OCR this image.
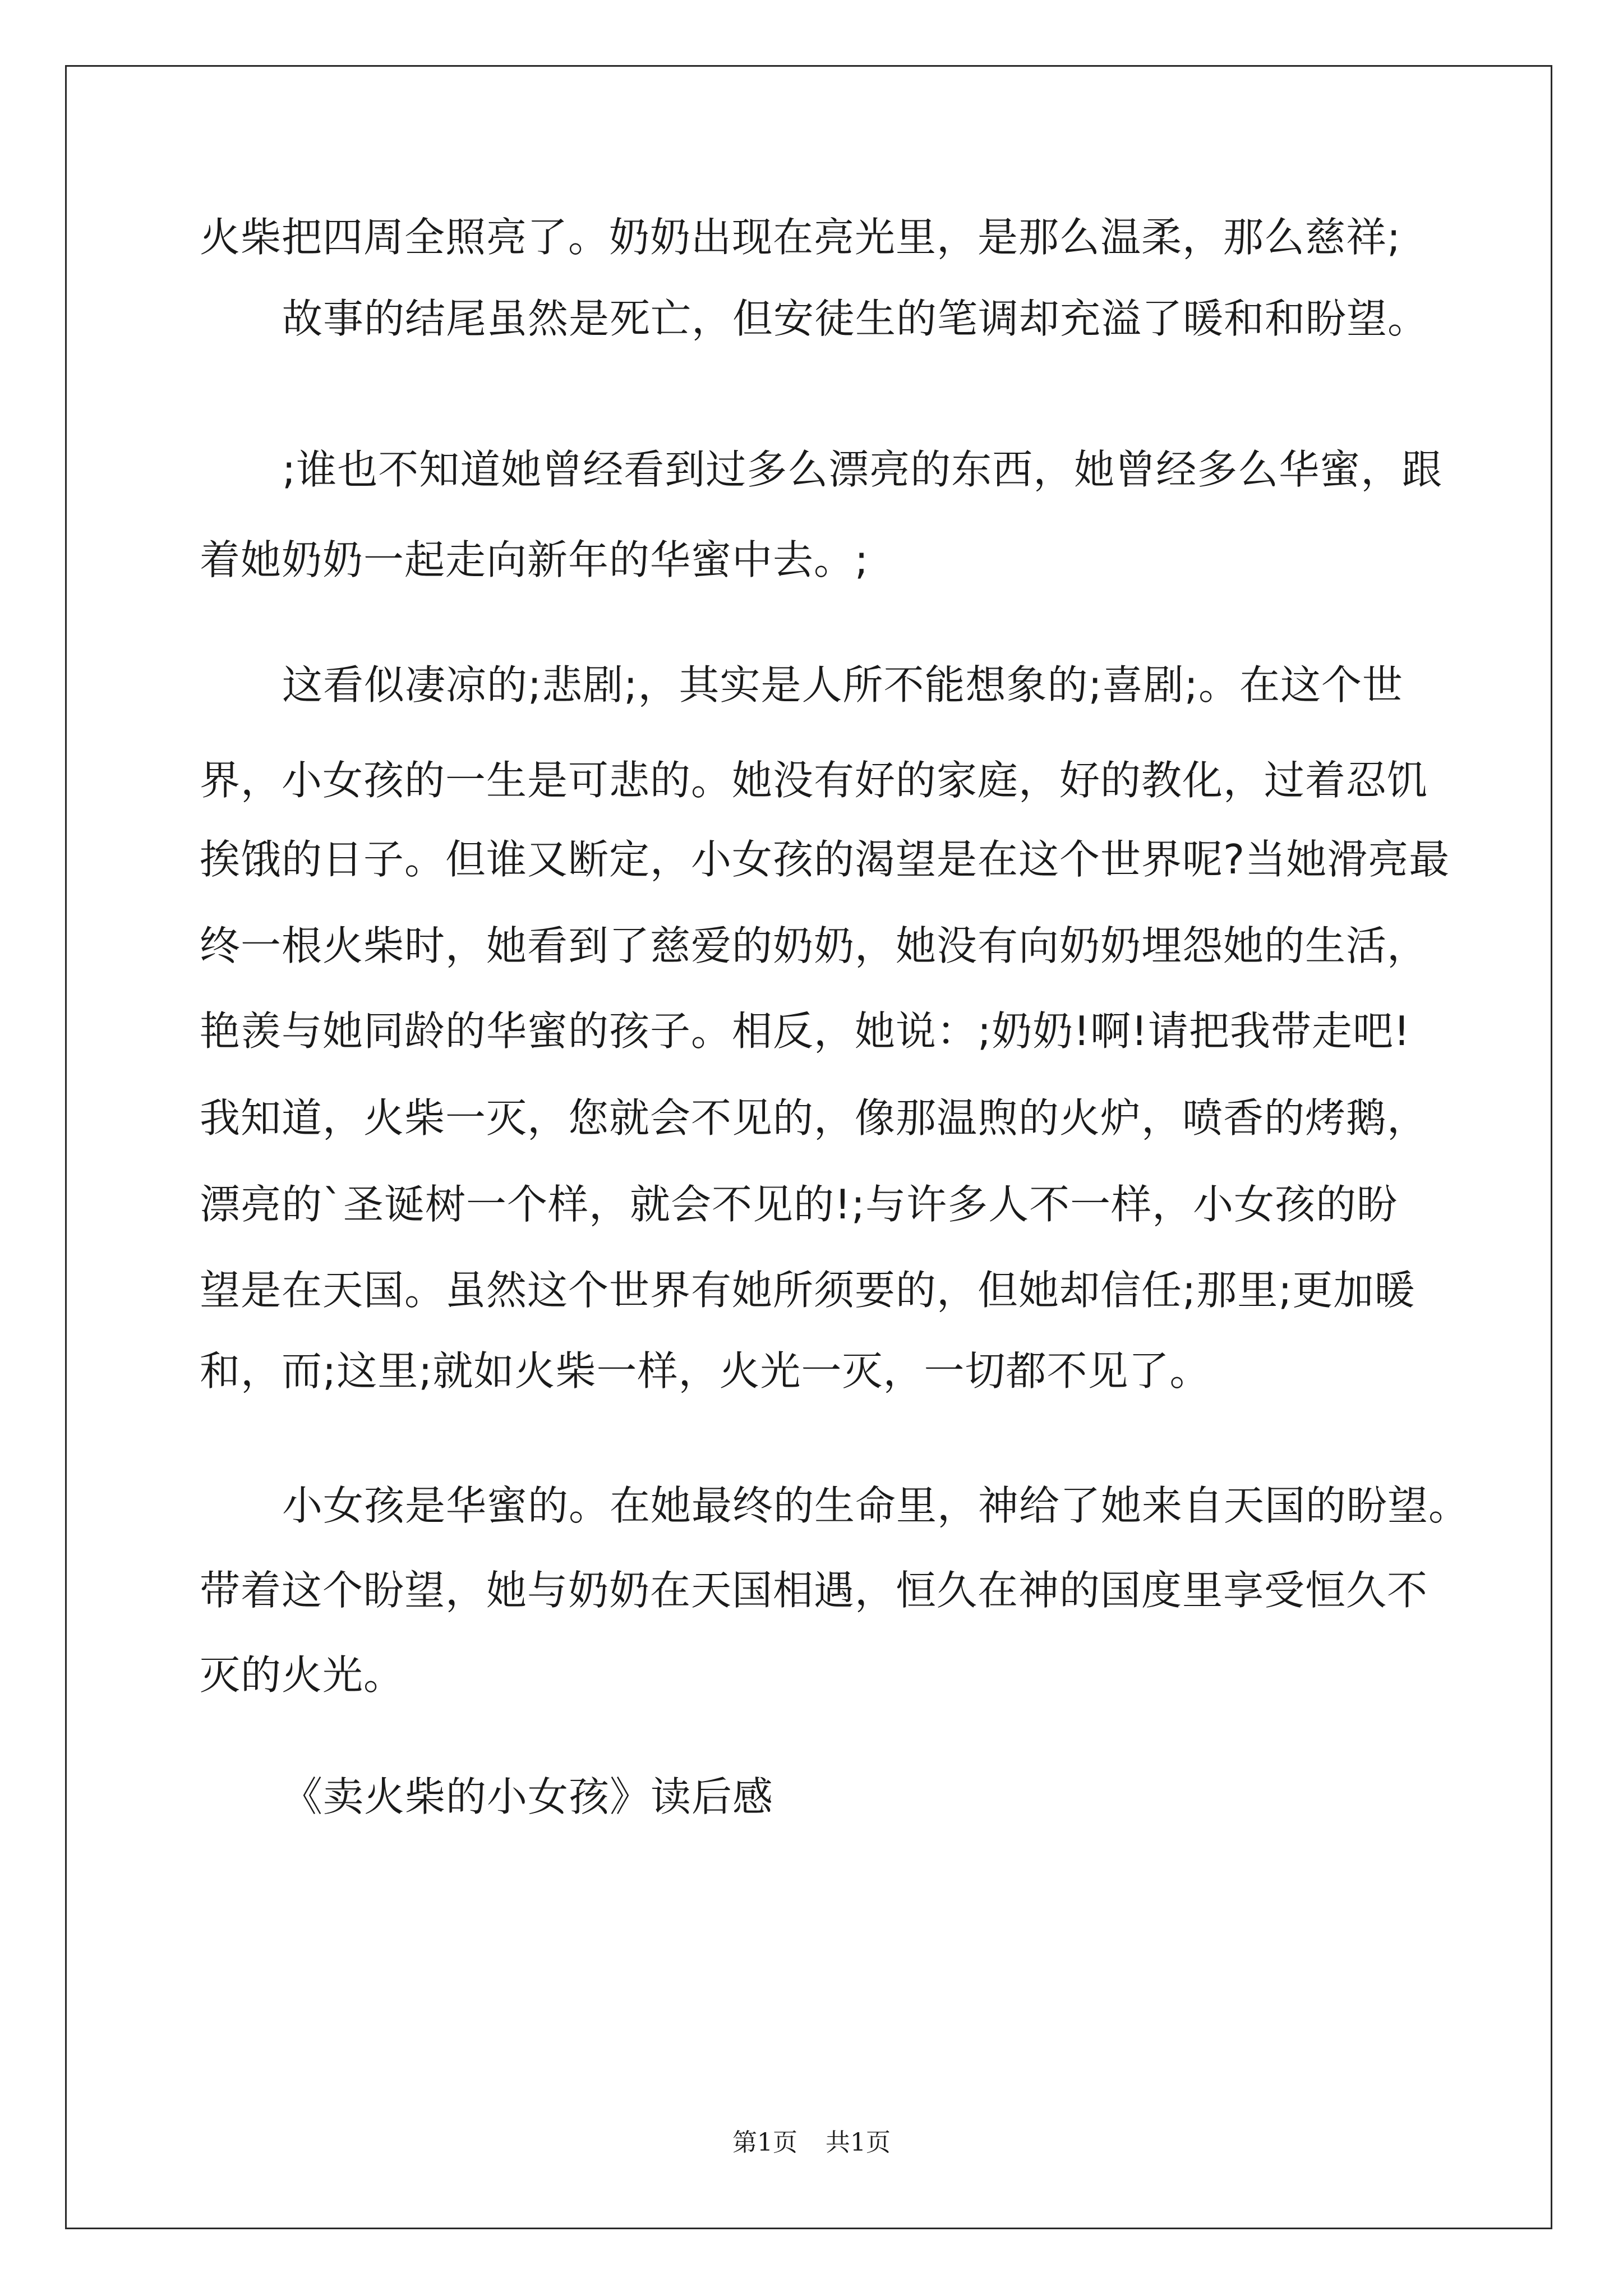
火柴把四周全照亮了。奶奶出现在亮光里，是那么温柔，那么慈祥;
故事的结尾虽然是死亡，但安徒生的笔调却充溢了暖和和盼望。
;谁也不知道她曾经看到过多么漂亮的东西，她曾经多么华蜜，跟
着她奶奶一起走向新年的华蜜中去。;
这看似凄凉的;悲剧;，其实是人所不能想象的;喜剧;。在这个世
界，小女孩的一生是可悲的。她没有好的家庭，好的教化，过着忍饥
挨饿的日子。但谁又断定，小女孩的渴望是在这个世界呢?当她滑亮最
终一根火柴时，她看到了慈爱的奶奶，她没有向奶奶埋怨她的生活，
艳羡与她同龄的华蜜的孩子。相反，她说：;奶奶!啊!请把我带走吧!
我知道，火柴一灭，您就会不见的，像那温煦的火炉，喷香的烤鹅，
漂亮的`圣诞树一个样，就会不见的!;与许多人不一样，小女孩的盼
望是在天国。虽然这个世界有她所须要的，但她却信任;那里;更加暖
和，而;这里;就如火柴一样，火光一灭，一切都不见了。
小女孩是华蜜的。在她最终的生命里，神给了她来自天国的盼望。
带着这个盼望，她与奶奶在天国相遇，恒久在神的国度里享受恒久不
灭的火光。
《卖火柴的小女孩》读后感
第1页 共1页
